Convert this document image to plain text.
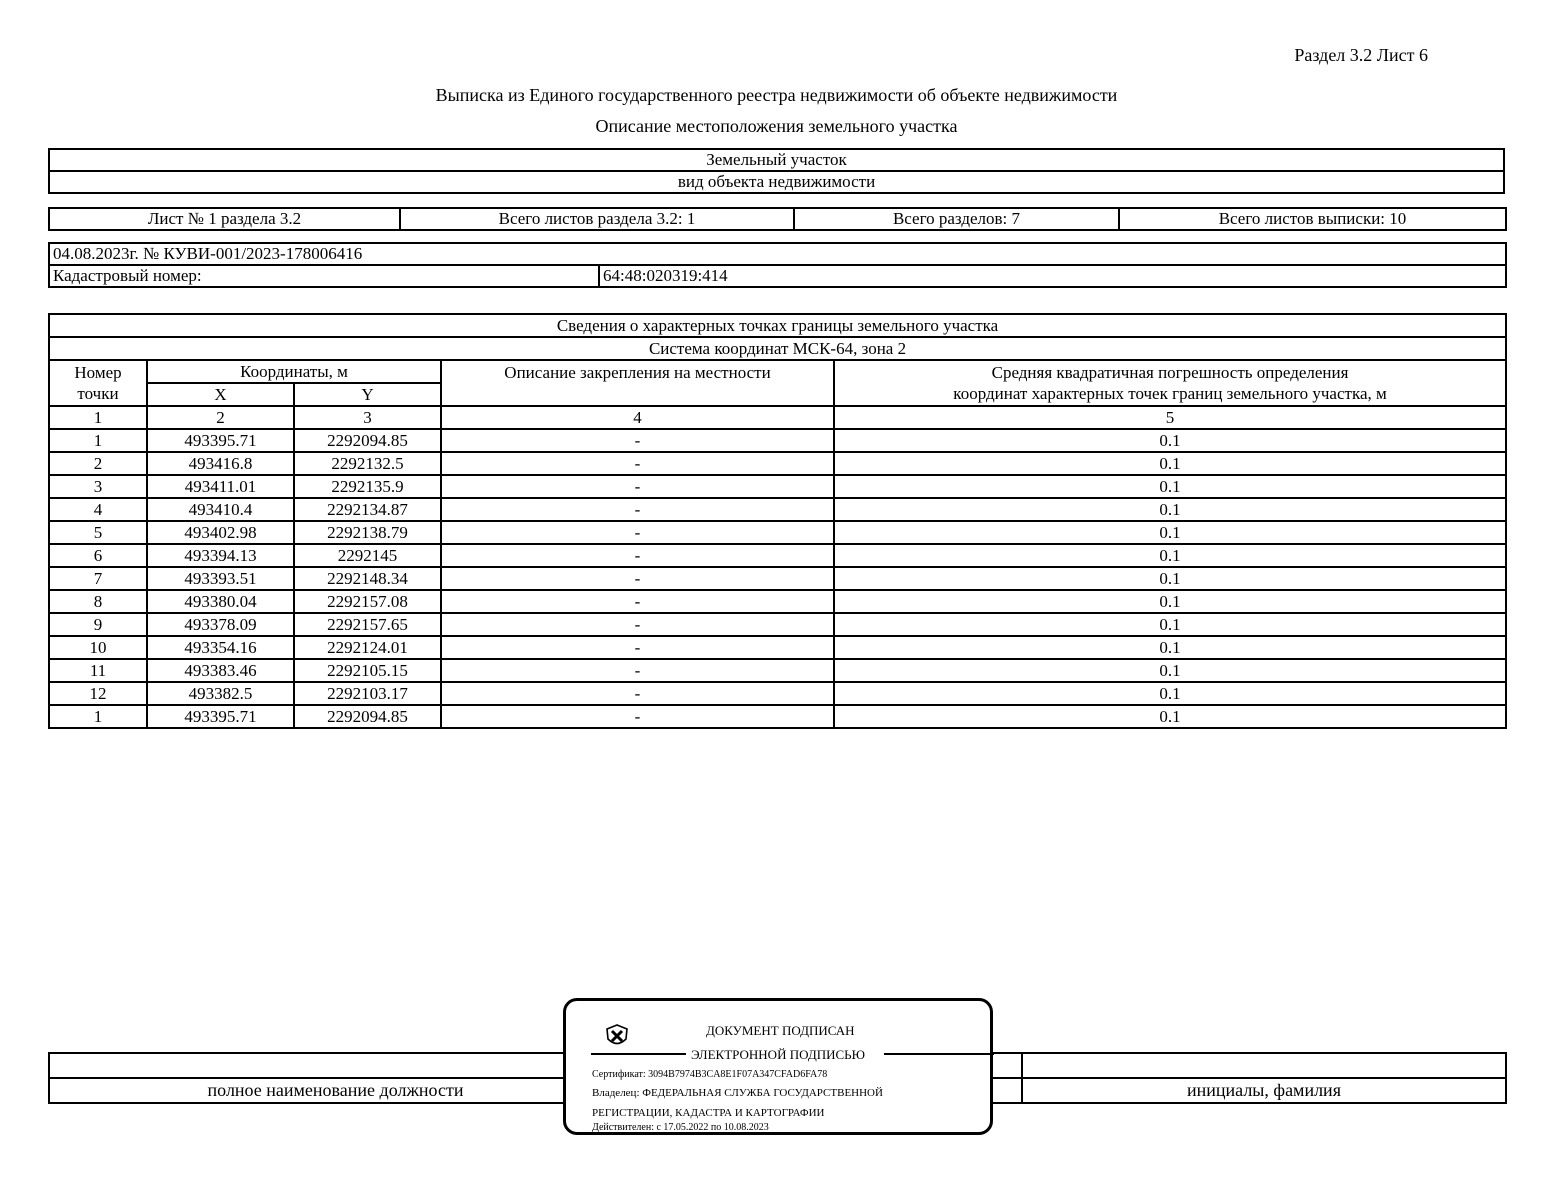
Раздел 3.2 Лист 6
Выписка из Единого государственного реестра недвижимости об объекте недвижимости
Описание местоположения земельного участка
Земельный участок
вид объекта недвижимости
Лист № 1 раздела 3.2	Всего листов раздела 3.2: 1	Всего разделов: 7	Всего листов выписки: 10
04.08.2023г. № КУВИ-001/2023-178006416
Кадастровый номер:	64:48:020319:414
Сведения о характерных точках границы земельного участка				
Система координат МСК-64, зона 2				
Номер
точки	Координаты, м		Описание закрепления на местности	Средняя квадратичная погрешность определения
координат характерных точек границ земельного участка, м
	X	Y		
1	2	3	4	5
1	493395.71	2292094.85	-	0.1
2	493416.8	2292132.5	-	0.1
3	493411.01	2292135.9	-	0.1
4	493410.4	2292134.87	-	0.1
5	493402.98	2292138.79	-	0.1
6	493394.13	2292145	-	0.1
7	493393.51	2292148.34	-	0.1
8	493380.04	2292157.08	-	0.1
9	493378.09	2292157.65	-	0.1
10	493354.16	2292124.01	-	0.1
11	493383.46	2292105.15	-	0.1
12	493382.5	2292103.17	-	0.1
1	493395.71	2292094.85	-	0.1

полное наименование должности		инициалы, фамилия
ДОКУМЕНТ ПОДПИСАН
ЭЛЕКТРОННОЙ ПОДПИСЬЮ
Сертификат: 3094B7974B3CA8E1F07A347CFAD6FA78
Владелец: ФЕДЕРАЛЬНАЯ СЛУЖБА ГОСУДАРСТВЕННОЙ
РЕГИСТРАЦИИ, КАДАСТРА И КАРТОГРАФИИ
Действителен: с 17.05.2022 по 10.08.2023
